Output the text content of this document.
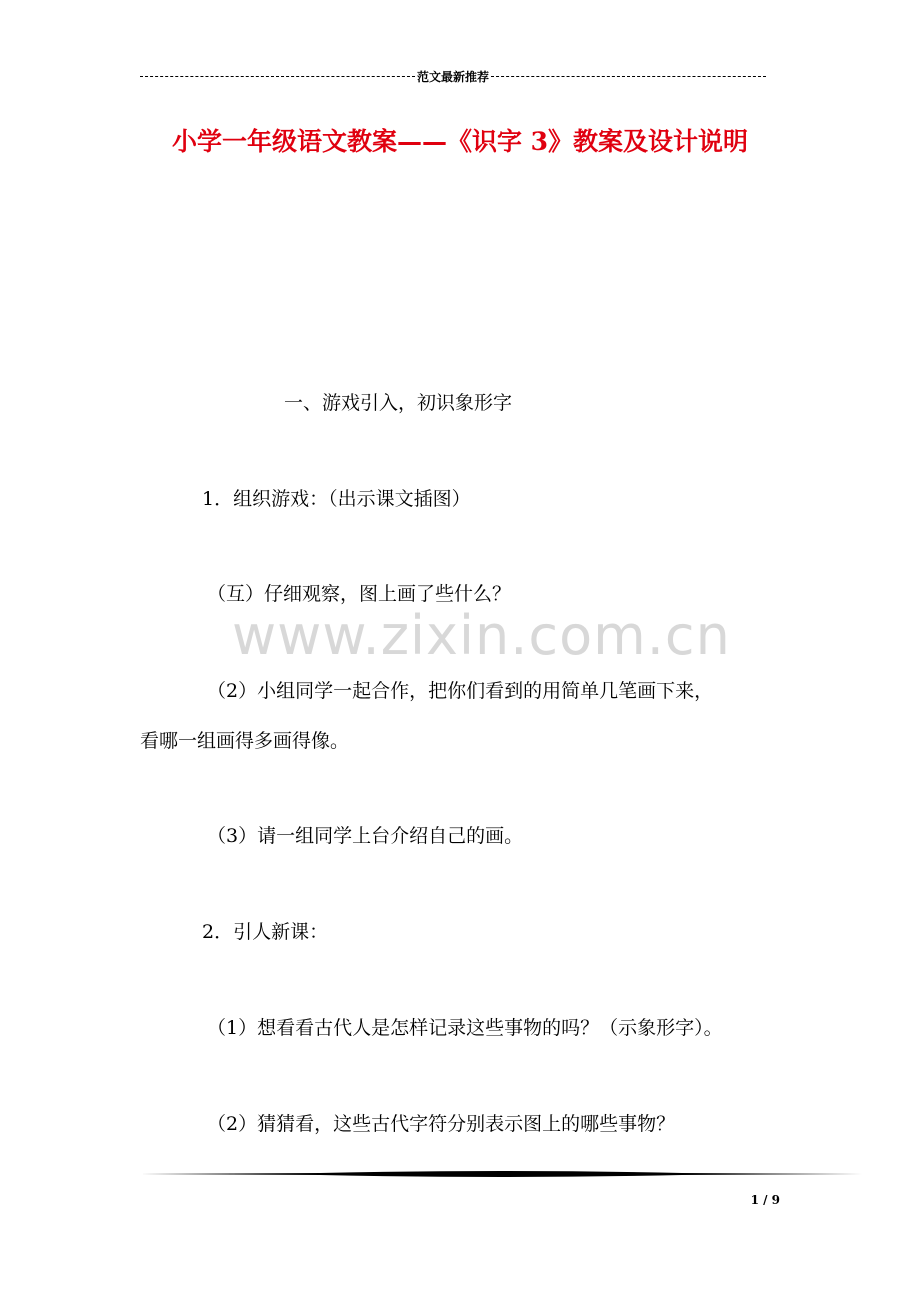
范文最新推荐
小学一年级语文教案——《识字 3》教案及设计说明
一、游戏引入，初识象形字
1．组织游戏：（出示课文插图）
（互）仔细观察，图上画了些什么？
（2）小组同学一起合作，把你们看到的用简单几笔画下来，
看哪一组画得多画得像。
（3）请一组同学上台介绍自己的画。
2．引人新课：
（1）想看看古代人是怎样记录这些事物的吗？（示象形字）。
（2）猜猜看，这些古代字符分别表示图上的哪些事物？
www.zixin.com.cn
1 / 9
